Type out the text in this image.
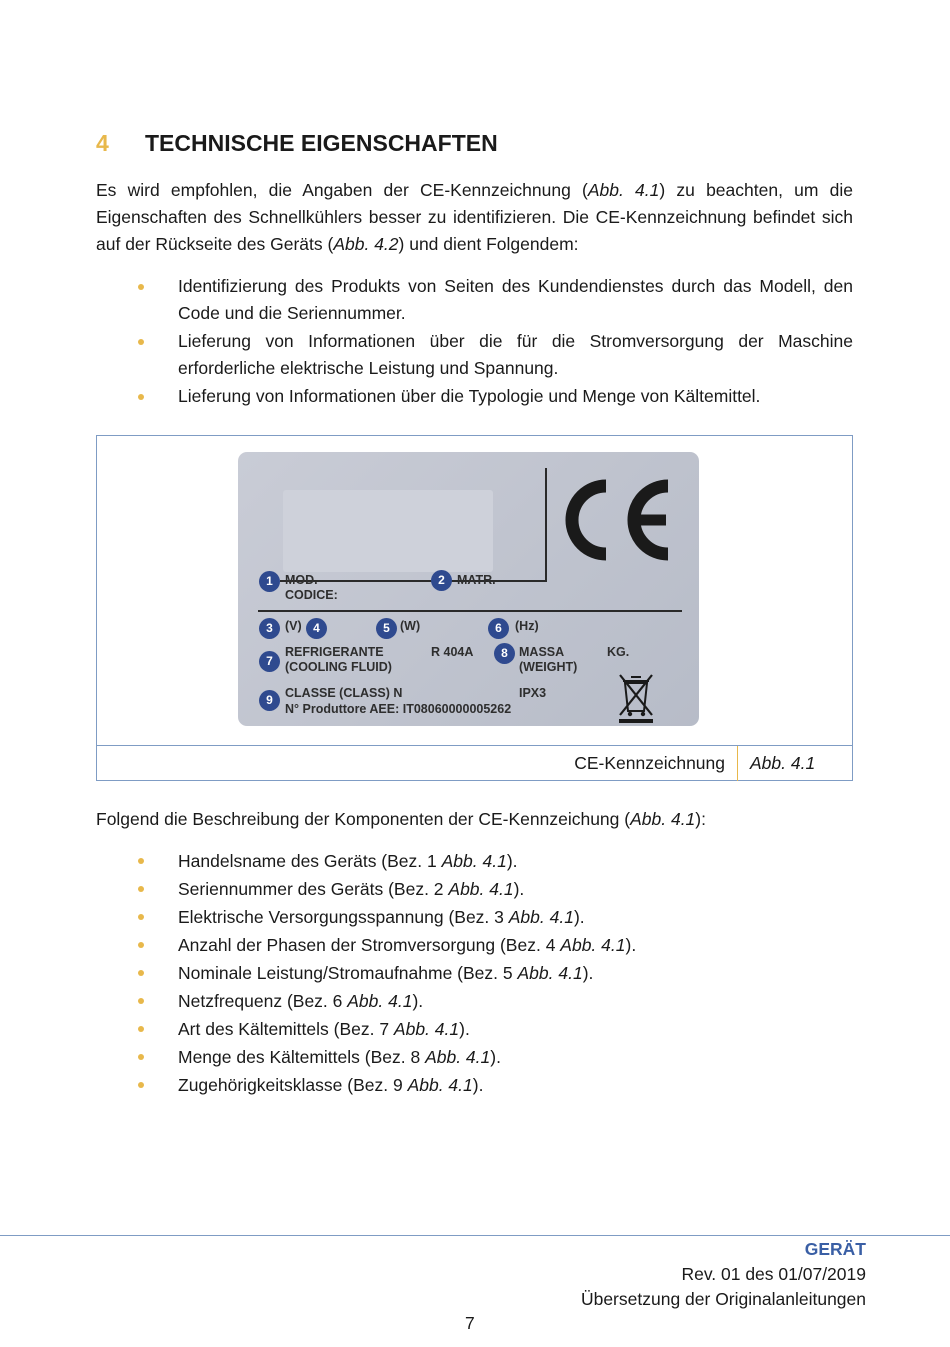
4 TECHNISCHE EIGENSCHAFTEN

Es wird empfohlen, die Angaben der CE-Kennzeichnung (Abb. 4.1) zu beachten, um die Eigenschaften des Schnellkühlers besser zu identifizieren. Die CE-Kennzeichnung befindet sich auf der Rückseite des Geräts (Abb. 4.2) und dient Folgendem:

Identifizierung des Produkts von Seiten des Kundendienstes durch das Modell, den Code und die Seriennummer.
Lieferung von Informationen über die für die Stromversorgung der Maschine erforderliche elektrische Leistung und Spannung.
Lieferung von Informationen über die Typologie und Menge von Kältemittel.
1 MOD.
CODICE:
2 MATR.
3 (V) 4	5 (W)	6	(Hz)
7
REFRIGERANTE
(COOLING FLUID)
R 404A	8 MASSA
(WEIGHT)
KG.
9 CLASSE (CLASS) N	IPX3
N° Produttore AEE: IT08060000005262
CE-Kennzeichnung Abb. 4.1

Folgend die Beschreibung der Komponenten der CE-Kennzeichung (Abb. 4.1):

Handelsname des Geräts (Bez. 1 Abb. 4.1).
Seriennummer des Geräts (Bez. 2 Abb. 4.1).
Elektrische Versorgungsspannung (Bez. 3 Abb. 4.1).
Anzahl der Phasen der Stromversorgung (Bez. 4 Abb. 4.1).
Nominale Leistung/Stromaufnahme (Bez. 5 Abb. 4.1).
Netzfrequenz (Bez. 6 Abb. 4.1).
Art des Kältemittels (Bez. 7 Abb. 4.1).
Menge des Kältemittels (Bez. 8 Abb. 4.1).
Zugehörigkeitsklasse (Bez. 9 Abb. 4.1).

GERÄT

Rev. 01 des 01/07/2019

Übersetzung der Originalanleitungen

7
